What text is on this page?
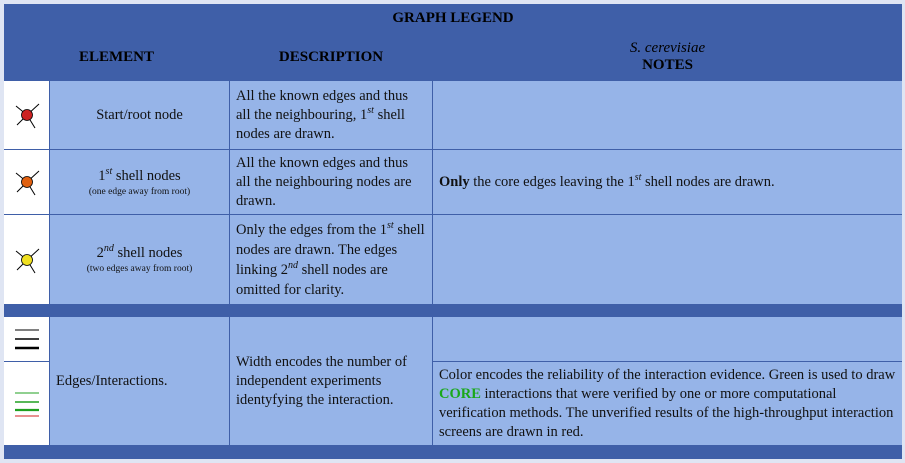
GRAPH LEGEND
ELEMENT	DESCRIPTION
S. cerevisiae
NOTES
Start/root node
All the known edges and thus all the neighbouring, 1st shell nodes are drawn.
1st shell nodes
(one edge away from root)
All the known edges and thus all the neighbouring nodes are drawn.
Only the core edges leaving the 1st shell nodes are drawn.
2nd shell nodes
(two edges away from root)
Only the edges from the 1st shell nodes are drawn. The edges linking 2nd shell nodes are omitted for clarity.
Edges/Interactions.
Width encodes the number of independent experiments identyfying the interaction.
Color encodes the reliability of the interaction evidence. Green is used to draw CORE interactions that were verified by one or more computational verification methods. The unverified results of the high-throughput interaction screens are drawn in red.
